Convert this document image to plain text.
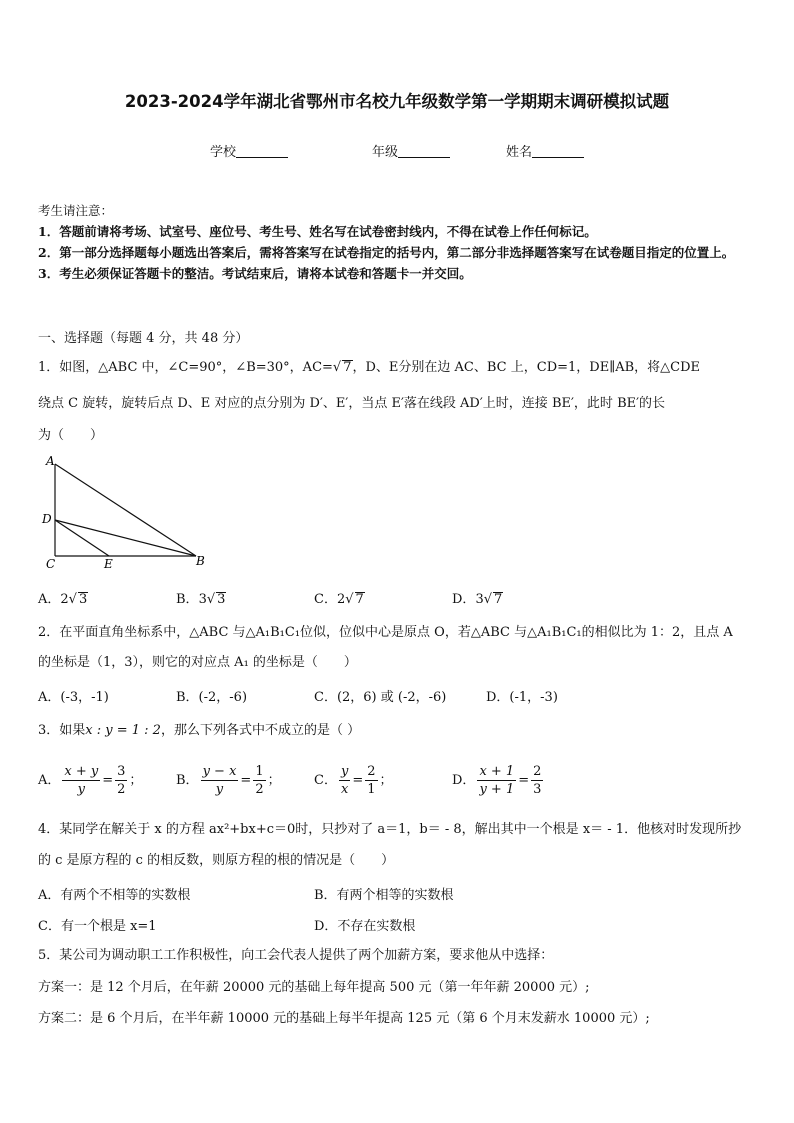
2023-2024学年湖北省鄂州市名校九年级数学第一学期期末调研模拟试题
学校	年级	姓名
考生请注意：
1．答题前请将考场、试室号、座位号、考生号、姓名写在试卷密封线内，不得在试卷上作任何标记。
2．第一部分选择题每小题选出答案后，需将答案写在试卷指定的括号内，第二部分非选择题答案写在试卷题目指定的位置上。
3．考生必须保证答题卡的整洁。考试结束后，请将本试卷和答题卡一并交回。
一、选择题（每题 4 分，共 48 分）
1．如图，△ABC 中，∠C=90°，∠B=30°，AC=√ 7，D、E分别在边 AC、BC 上，CD=1，DE∥AB，将△CDE
绕点 C 旋转，旋转后点 D、E 对应的点分别为 D′、E′，当点 E′落在线段 AD′上时，连接 BE′，此时 BE′的长
为（　　）
A
D
C	E	B
A．2√ 3	B．3√ 3	C．2√ 7	D．3√ 7
2．在平面直角坐标系中，△ABC 与△A₁B₁C₁位似，位似中心是原点 O，若△ABC 与△A₁B₁C₁的相似比为 1：2，且点 A
的坐标是（1，3），则它的对应点 A₁ 的坐标是（　　）
A．(-3，-1)	B．(-2，-6)	C．(2，6) 或 (-2，-6)	D．(-1，-3)
3．如果x : y = 1 : 2，那么下列各式中不成立的是（ ）
A． $\frac{x + y}{y} = \frac{3}{2}$ ；	B． $\frac{y - x}{y} = \frac{1}{2}$ ；	C． $\frac{y}{x} = \frac{2}{1}$ ；	D． $\frac{x + 1}{y + 1} = \frac{2}{3}$
4．某同学在解关于 x 的方程 ax²+bx+c＝0时，只抄对了 a＝1，b＝ - 8，解出其中一个根是 x＝ - 1．他核对时发现所抄
的 c 是原方程的 c 的相反数，则原方程的根的情况是（　　）
A．有两个不相等的实数根	B．有两个相等的实数根
C．有一个根是 x=1	D．不存在实数根
5．某公司为调动职工工作积极性，向工会代表人提供了两个加薪方案，要求他从中选择：
方案一：是 12 个月后，在年薪 20000 元的基础上每年提高 500 元（第一年年薪 20000 元）;
方案二：是 6 个月后，在半年薪 10000 元的基础上每半年提高 125 元（第 6 个月末发薪水 10000 元）;
